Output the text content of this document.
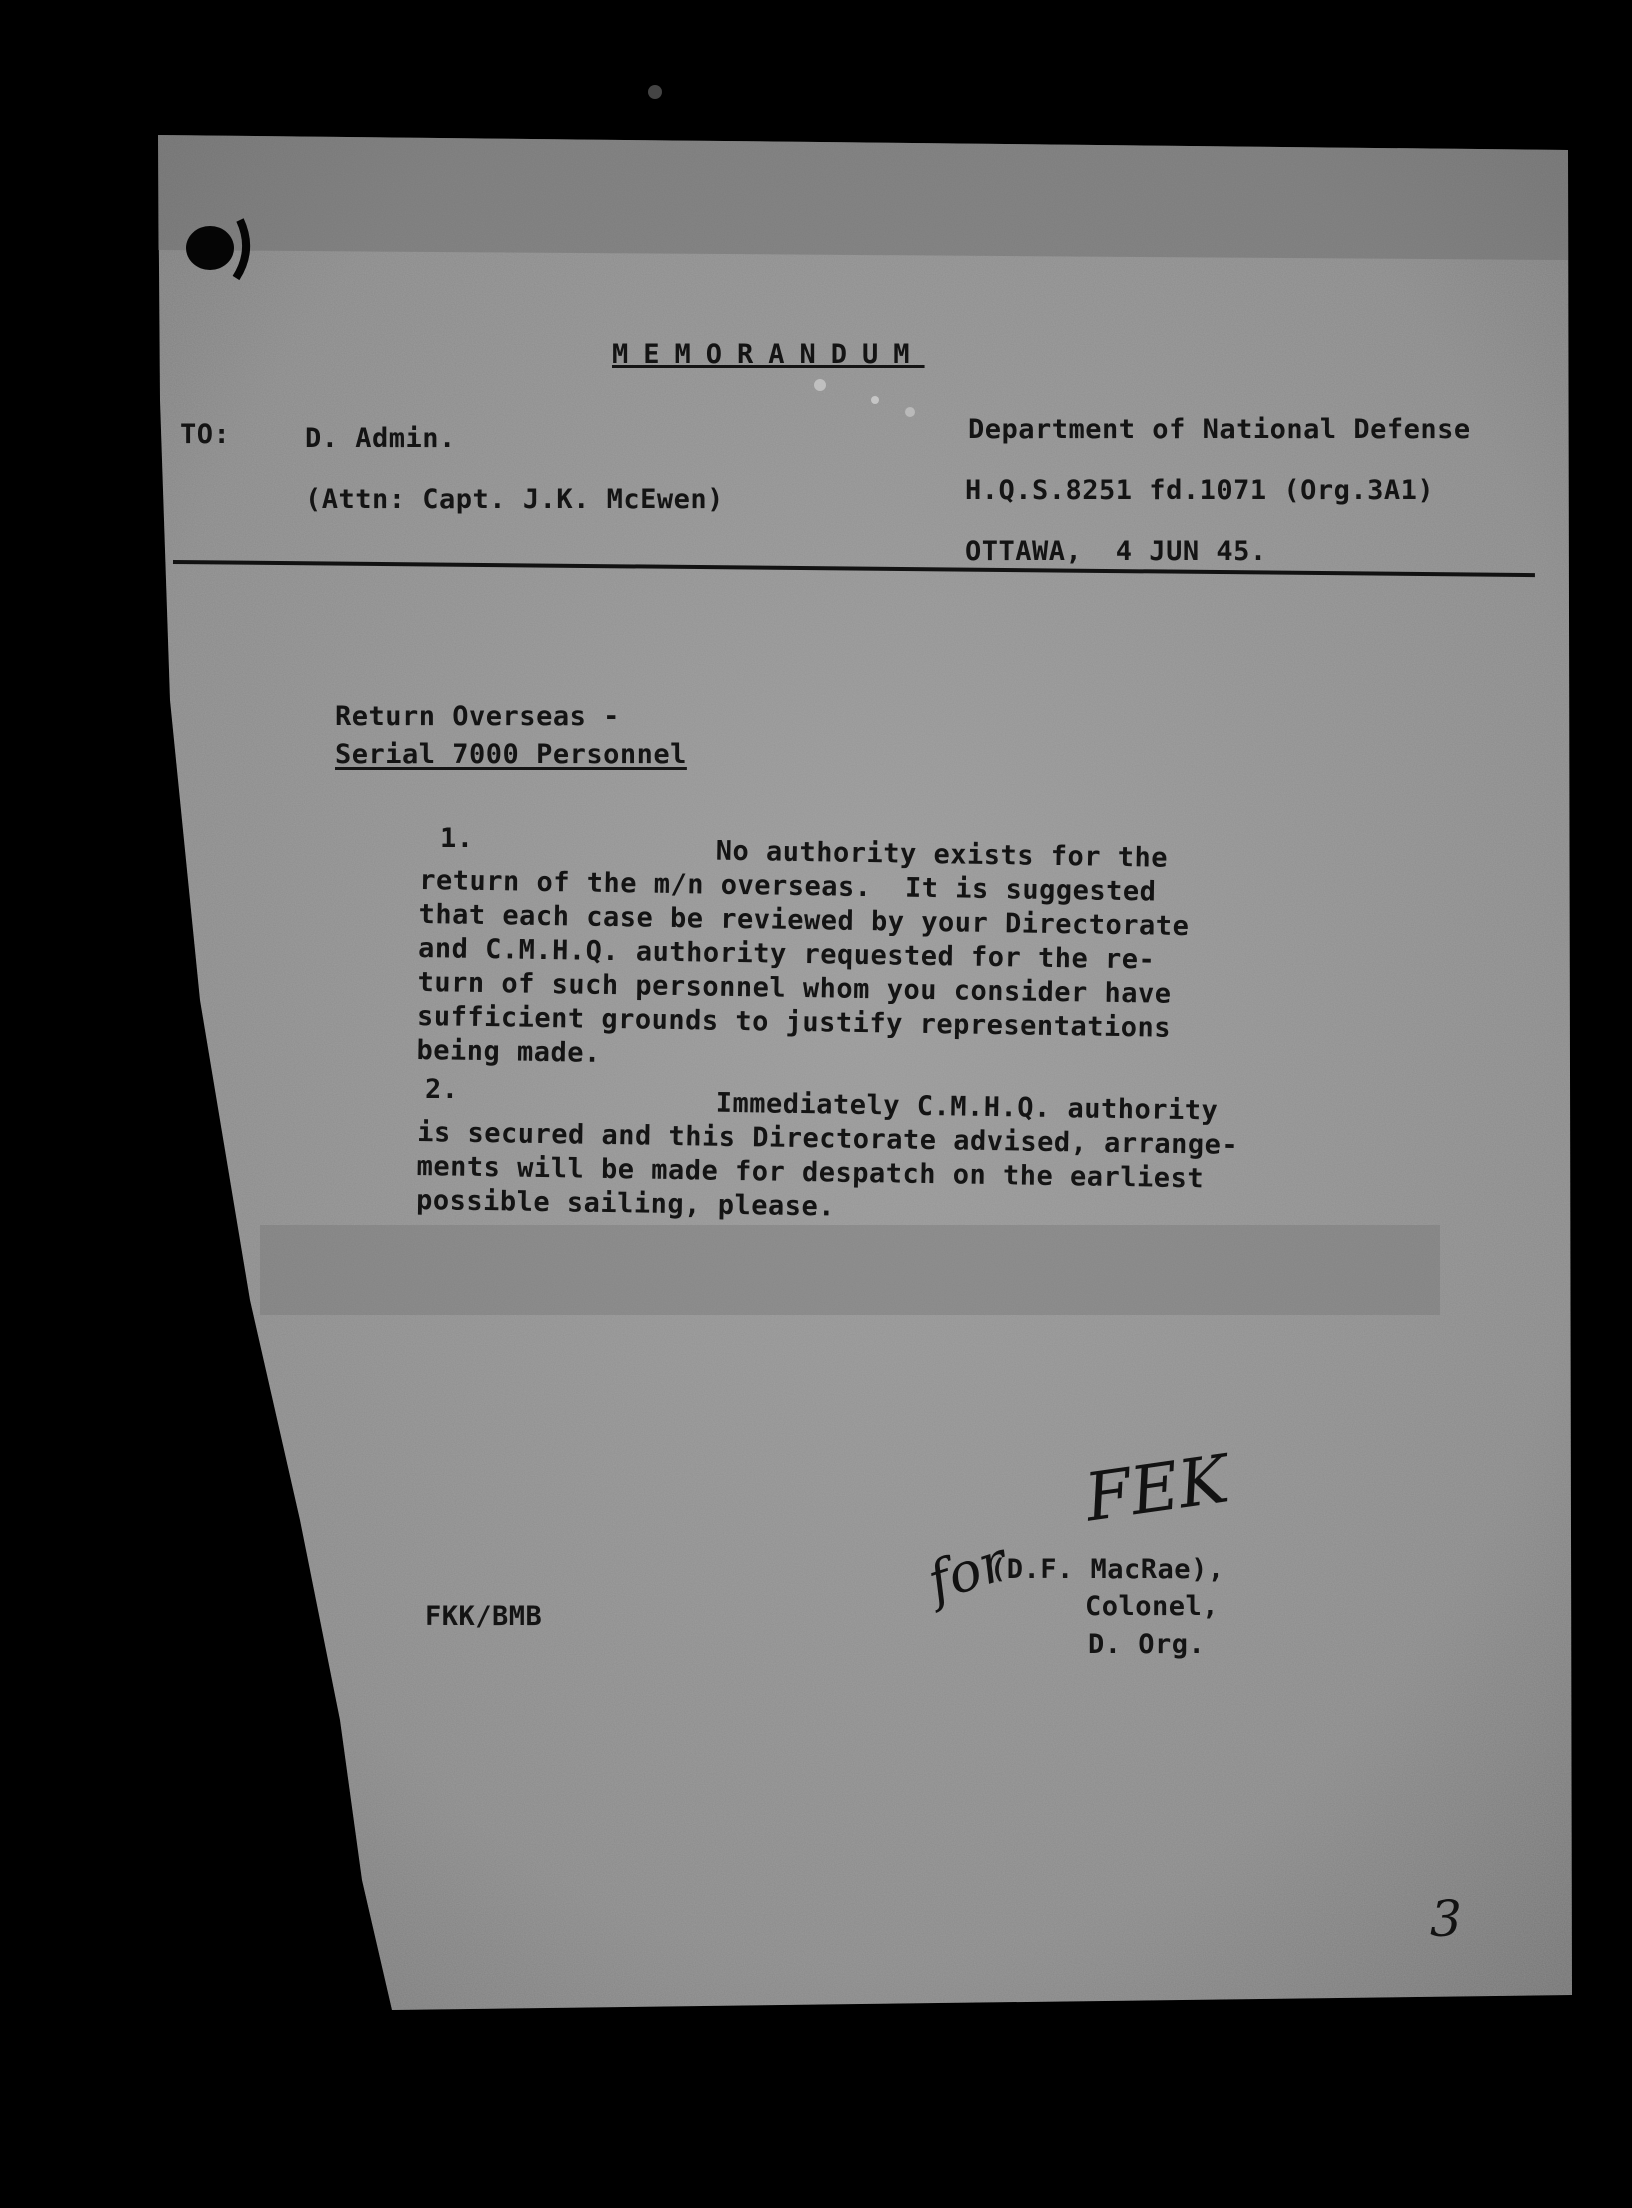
MEMORANDUM
TO:	D. Admin.
(Attn: Capt. J.K. McEwen)
Department of National Defense
H.Q.S.8251 fd.1071 (Org.3A1)
OTTAWA,  4 JUN 45.
Return Overseas -
Serial 7000 Personnel
1.	No authority exists for the
return of the m/n overseas.  It is suggested
that each case be reviewed by your Directorate
and C.M.H.Q. authority requested for the re-
turn of such personnel whom you consider have
sufficient grounds to justify representations
being made.
2.	Immediately C.M.H.Q. authority
is secured and this Directorate advised, arrange-
ments will be made for despatch on the earliest
possible sailing, please.
FEK
for
(D.F. MacRae),
Colonel,
D. Org.
FKK/BMB
3
